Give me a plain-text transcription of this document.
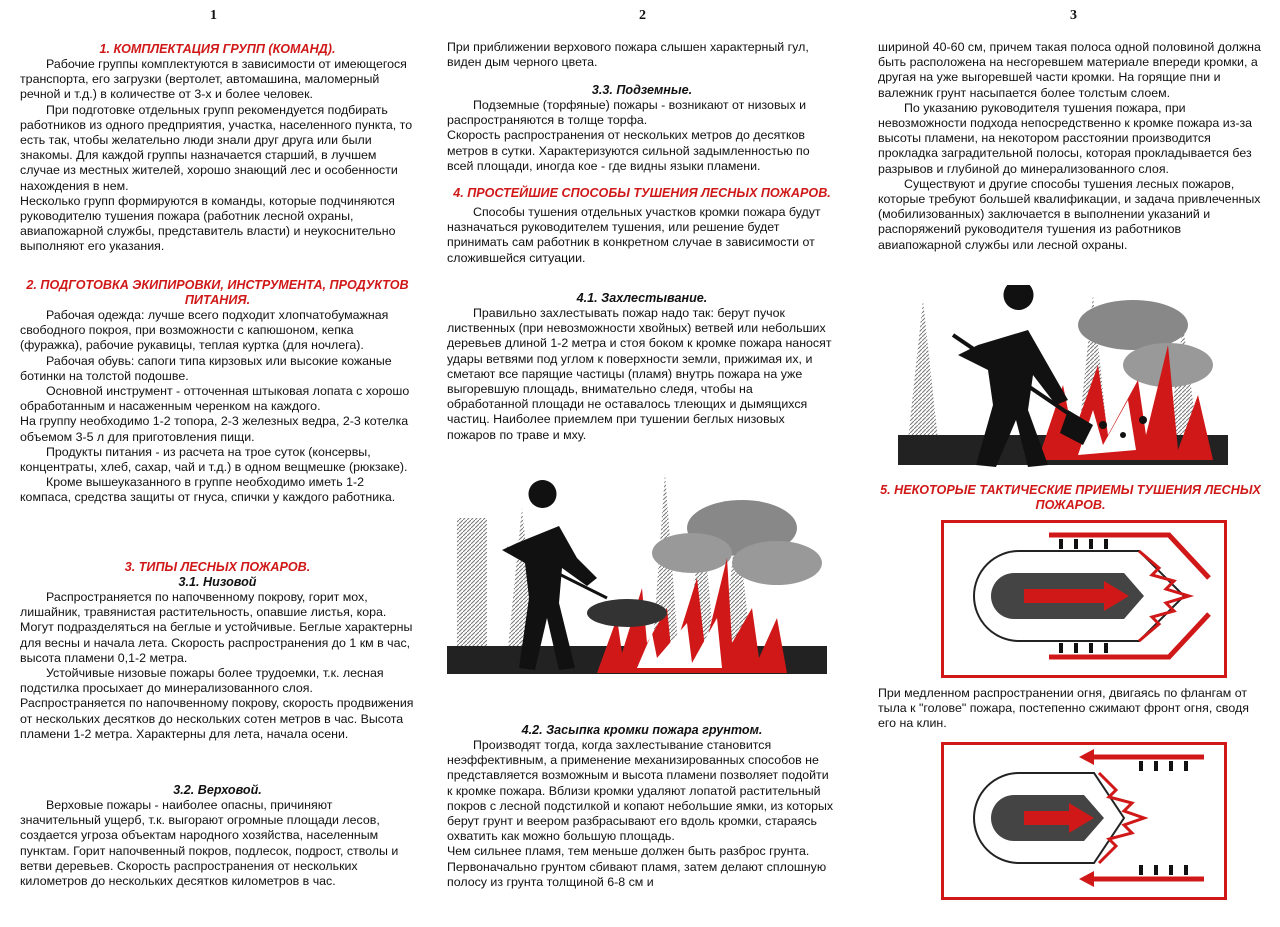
1

1. КОМПЛЕКТАЦИЯ ГРУПП (КОМАНД).

Рабочие группы комплектуются в зависимости от имеющегося транспорта, его загрузки (вертолет, автомашина, маломерный речной и т.д.) в количестве от 3-х и более человек.

При подготовке отдельных групп рекомендуется подбирать работников из одного предприятия, участка, населенного пункта, то есть так, чтобы желательно люди знали друг друга или были знакомы. Для каждой группы назначается старший, в лучшем случае из местных жителей, хорошо знающий лес и особенности нахождения в нем.

Несколько групп формируются в команды, которые подчиняются руководителю тушения пожара (работник лесной охраны, авиапожарной службы, представитель власти) и неукоснительно выполняют его указания.

2. ПОДГОТОВКА ЭКИПИРОВКИ, ИНСТРУМЕНТА, ПРОДУКТОВ ПИТАНИЯ.

Рабочая одежда: лучше всего подходит хлопчатобумажная свободного покроя, при возможности с капюшоном, кепка (фуражка), рабочие рукавицы, теплая куртка (для ночлега).

Рабочая обувь: сапоги типа кирзовых или высокие кожаные ботинки на толстой подошве.

Основной инструмент - отточенная штыковая лопата с хорошо обработанным и насаженным черенком на каждого.

На группу необходимо 1-2 топора, 2-3 железных ведра, 2-3 котелка объемом 3-5 л для приготовления пищи.

Продукты питания - из расчета на трое суток (консервы, концентраты, хлеб, сахар, чай и т.д.) в одном вещмешке (рюкзаке).

Кроме вышеуказанного в группе необходимо иметь 1-2 компаса, средства защиты от гнуса, спички у каждого работника.

3. ТИПЫ ЛЕСНЫХ ПОЖАРОВ.

3.1. Низовой

Распространяется по напочвенному покрову, горит мох, лишайник, травянистая растительность, опавшие листья, кора.

Могут подразделяться на беглые и устойчивые. Беглые характерны для весны и начала лета. Скорость распространения до 1 км в час, высота пламени 0,1-2 метра.

Устойчивые низовые пожары более трудоемки, т.к. лесная подстилка просыхает до минерализованного слоя.

Распространяется по напочвенному покрову, скорость продвижения от нескольких десятков до нескольких сотен метров в час. Высота пламени 1-2 метра. Характерны для лета, начала осени.

3.2. Верховой.

Верховые пожары - наиболее опасны, причиняют значительный ущерб, т.к. выгорают огромные площади лесов, создается угроза объектам народного хозяйства, населенным пунктам. Горит напочвенный покров, подлесок, подрост, стволы и ветви деревьев. Скорость распространения от нескольких километров до нескольких десятков километров в час.

2

При приближении верхового пожара слышен характерный гул, виден дым черного цвета.

3.3. Подземные.

Подземные (торфяные) пожары - возникают от низовых и распространяются в толще торфа.

Скорость распространения от нескольких метров до десятков метров в сутки. Характеризуются сильной задымленностью по всей площади, иногда кое - где видны языки пламени.

4. ПРОСТЕЙШИЕ СПОСОБЫ ТУШЕНИЯ ЛЕСНЫХ ПОЖАРОВ.

Способы тушения отдельных участков кромки пожара будут назначаться руководителем тушения, или решение будет принимать сам работник в конкретном случае в зависимости от сложившейся ситуации.

4.1. Захлестывание.

Правильно захлестывать пожар надо так: берут пучок лиственных (при невозможности хвойных) ветвей или небольших деревьев длиной 1-2 метра и стоя боком к кромке пожара наносят удары ветвями под углом к поверхности земли, прижимая их, и сметают все парящие частицы (пламя) внутрь пожара на уже выгоревшую площадь, внимательно следя, чтобы на обработанной площади не оставалось тлеющих и дымящихся частиц. Наиболее приемлем при тушении беглых низовых пожаров по траве и мху.

4.2. Засыпка кромки пожара грунтом.

Производят тогда, когда захлестывание становится неэффективным, а применение механизированных способов не представляется возможным и высота пламени позволяет подойти к кромке пожара. Вблизи кромки удаляют лопатой растительный покров с лесной подстилкой и копают небольшие ямки, из которых берут грунт и веером разбрасывают его вдоль кромки, стараясь охватить как можно большую площадь.

Чем сильнее пламя, тем меньше должен быть разброс грунта. Первоначально грунтом сбивают пламя, затем делают сплошную полосу из грунта толщиной 6-8 см и

3

шириной 40-60 см, причем такая полоса одной половиной должна быть расположена на несгоревшем материале впереди кромки, а другая на уже выгоревшей части кромки. На горящие пни и валежник грунт насыпается более толстым слоем.

По указанию руководителя тушения пожара, при невозможности подхода непосредственно к кромке пожара из-за высоты пламени, на некотором расстоянии производится прокладка заградительной полосы, которая прокладывается без разрывов и глубиной до минерализованного слоя.

Существуют и другие способы тушения лесных пожаров, которые требуют большей квалификации, и задача привлеченных (мобилизованных) заключается в выполнении указаний и распоряжений руководителя тушения из работников авиапожарной службы или лесной охраны.

5. НЕКОТОРЫЕ ТАКТИЧЕСКИЕ ПРИЕМЫ ТУШЕНИЯ ЛЕСНЫХ ПОЖАРОВ.

При медленном распространении огня, двигаясь по флангам от тыла к "голове" пожара, постепенно сжимают фронт огня, сводя его на клин.
